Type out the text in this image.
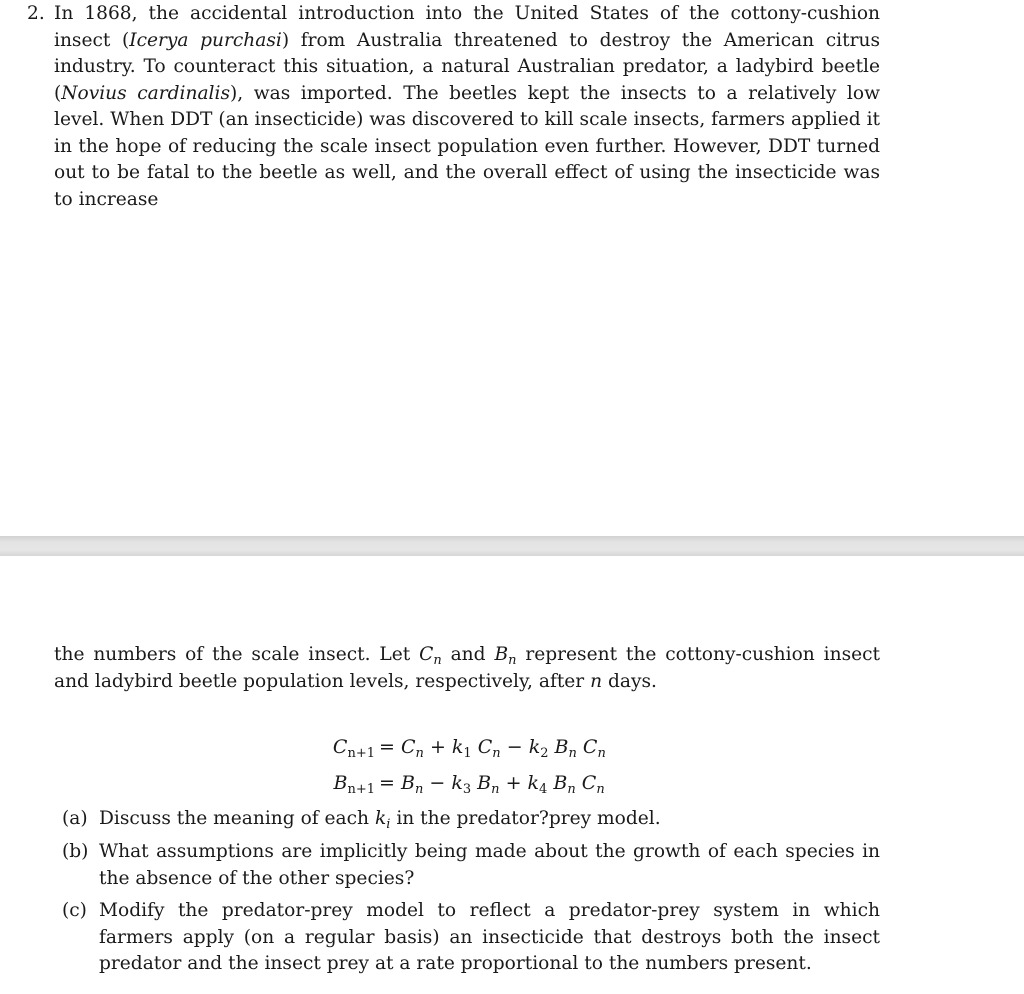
2. In 1868, the accidental introduction into the United States of the cottony-cushion insect (Icerya purchasi) from Australia threatened to destroy the American citrus industry. To counteract this situation, a natural Australian predator, a ladybird beetle (Novius cardinalis), was imported. The beetles kept the insects to a relatively low level. When DDT (an insecticide) was discovered to kill scale insects, farmers applied it in the hope of reducing the scale insect population even further. However, DDT turned out to be fatal to the beetle as well, and the overall effect of using the insecticide was to increase
the numbers of the scale insect. Let $C_n$ and $B_n$ represent the cottony-cushion insect and ladybird beetle population levels, respectively, after n days.
$C_{n+1} = C_n + k_1$ $C_n - k_2$ $B_n$ $C_n$
$B_{n+1} = B_n - k_3$ $B_n + k_4$ $B_n$ $C_n$
(a) Discuss the meaning of each $k_i$ in the predator?prey model.
(b) What assumptions are implicitly being made about the growth of each species in the absence of the other species?
(c) Modify the predator-prey model to reflect a predator-prey system in which farmers apply (on a regular basis) an insecticide that destroys both the insect predator and the insect prey at a rate proportional to the numbers present.
